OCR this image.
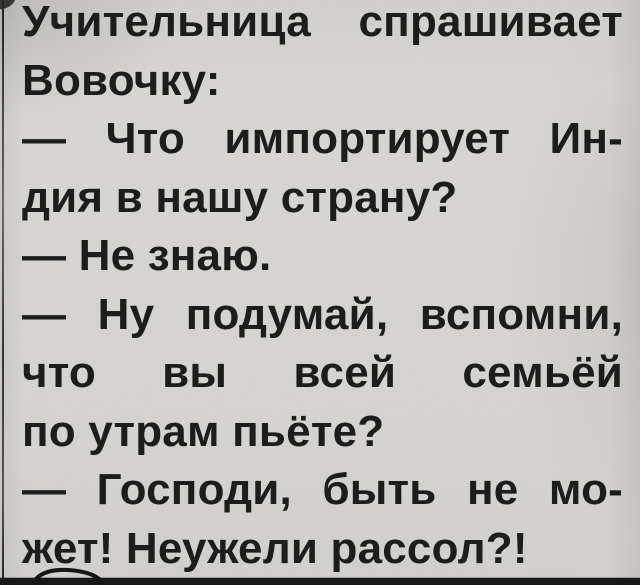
Учительница спрашивает
Вовочку:
— Что импортирует Ин-
дия в нашу страну?
— Не знаю.
— Ну подумай, вспомни,
что вы всей семьёй
по утрам пьёте?
— Господи, быть не мо-
жет! Неужели рассол?!
